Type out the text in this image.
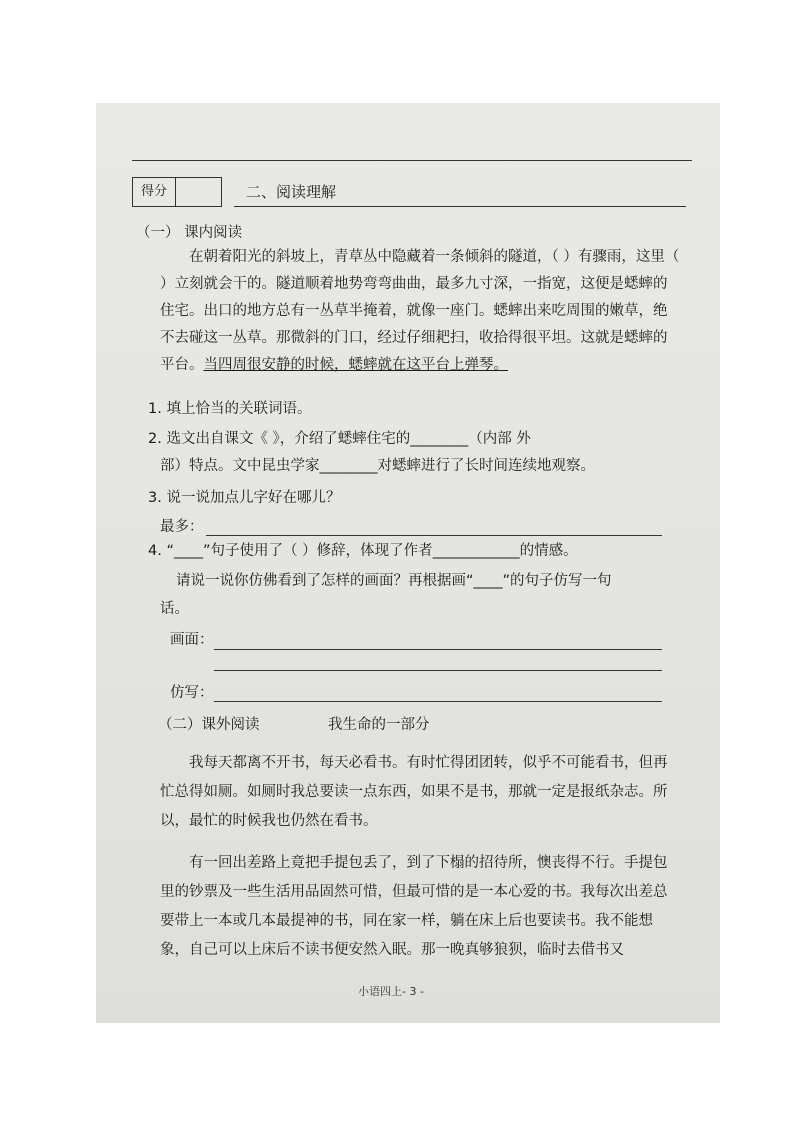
得分	二、阅读理解
（一） 课内阅读

在朝着阳光的斜坡上，青草丛中隐藏着一条倾斜的隧道，（ ）有骤雨，这里（ ）立刻就会干的。隧道顺着地势弯弯曲曲，最多九寸深，一指宽，这便是蟋蟀的住宅。出口的地方总有一丛草半掩着，就像一座门。蟋蟀出来吃周围的嫩草，绝不去碰这一丛草。那微斜的门口，经过仔细耙扫，收拾得很平坦。这就是蟋蟀的平台。当四周很安静的时候，蟋蟀就在这平台上弹琴。

1. 填上恰当的关联词语。
2. 选文出自课文《 》，介绍了蟋蟀住宅的________（内部 外
部）特点。文中昆虫学家________对蟋蟀进行了长时间连续地观察。
3. 说一说加点儿字好在哪儿？
最多：
4. “____”句子使用了（ ）修辞，体现了作者____________的情感。
请说一说你仿佛看到了怎样的画面？再根据画“____”的句子仿写一句
话。
画面：
仿写：
（二）课外阅读	我生命的一部分

我每天都离不开书，每天必看书。有时忙得团团转，似乎不可能看书，但再忙总得如厕。如厕时我总要读一点东西，如果不是书，那就一定是报纸杂志。所以，最忙的时候我也仍然在看书。

有一回出差路上竟把手提包丢了，到了下榻的招待所，懊丧得不行。手提包里的钞票及一些生活用品固然可惜，但最可惜的是一本心爱的书。我每次出差总要带上一本或几本最提神的书，同在家一样，躺在床上后也要读书。我不能想象，自己可以上床后不读书便安然入眠。那一晚真够狼狈，临时去借书又

小语四上- 3 -
